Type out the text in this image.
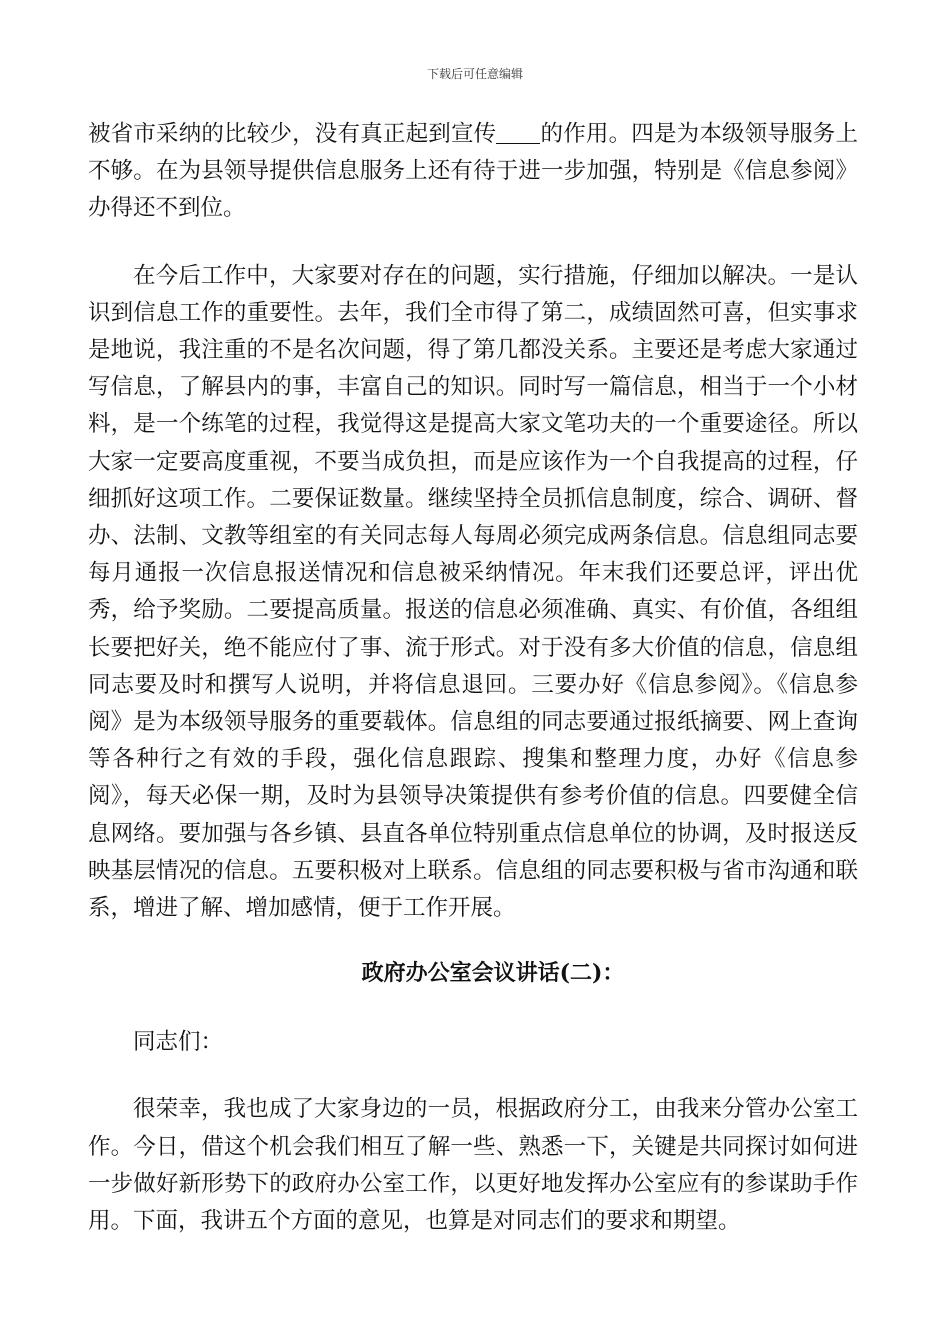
下载后可任意编辑

被省市采纳的比较少，没有真正起到宣传 的作用。四是为本级领导服务上不够。在为县领导提供信息服务上还有待于进一步加强，特别是《信息参阅》办得还不到位。

在今后工作中，大家要对存在的问题，实行措施，仔细加以解决。一是认识到信息工作的重要性。去年，我们全市得了第二，成绩固然可喜，但实事求是地说，我注重的不是名次问题，得了第几都没关系。主要还是考虑大家通过写信息，了解县内的事，丰富自己的知识。同时写一篇信息，相当于一个小材料，是一个练笔的过程，我觉得这是提高大家文笔功夫的一个重要途径。所以大家一定要高度重视，不要当成负担，而是应该作为一个自我提高的过程，仔细抓好这项工作。二要保证数量。继续坚持全员抓信息制度，综合、调研、督办、法制、文教等组室的有关同志每人每周必须完成两条信息。信息组同志要每月通报一次信息报送情况和信息被采纳情况。年末我们还要总评，评出优秀，给予奖励。二要提高质量。报送的信息必须准确、真实、有价值，各组组长要把好关，绝不能应付了事、流于形式。对于没有多大价值的信息，信息组同志要及时和撰写人说明，并将信息退回。三要办好《信息参阅》。《信息参阅》是为本级领导服务的重要载体。信息组的同志要通过报纸摘要、网上查询等各种行之有效的手段，强化信息跟踪、搜集和整理力度，办好《信息参阅》，每天必保一期，及时为县领导决策提供有参考价值的信息。四要健全信息网络。要加强与各乡镇、县直各单位特别重点信息单位的协调，及时报送反映基层情况的信息。五要积极对上联系。信息组的同志要积极与省市沟通和联系，增进了解、增加感情，便于工作开展。

政府办公室会议讲话(二)：

同志们：

很荣幸，我也成了大家身边的一员，根据政府分工，由我来分管办公室工作。今日，借这个机会我们相互了解一些、熟悉一下，关键是共同探讨如何进一步做好新形势下的政府办公室工作，以更好地发挥办公室应有的参谋助手作用。下面，我讲五个方面的意见，也算是对同志们的要求和期望。
